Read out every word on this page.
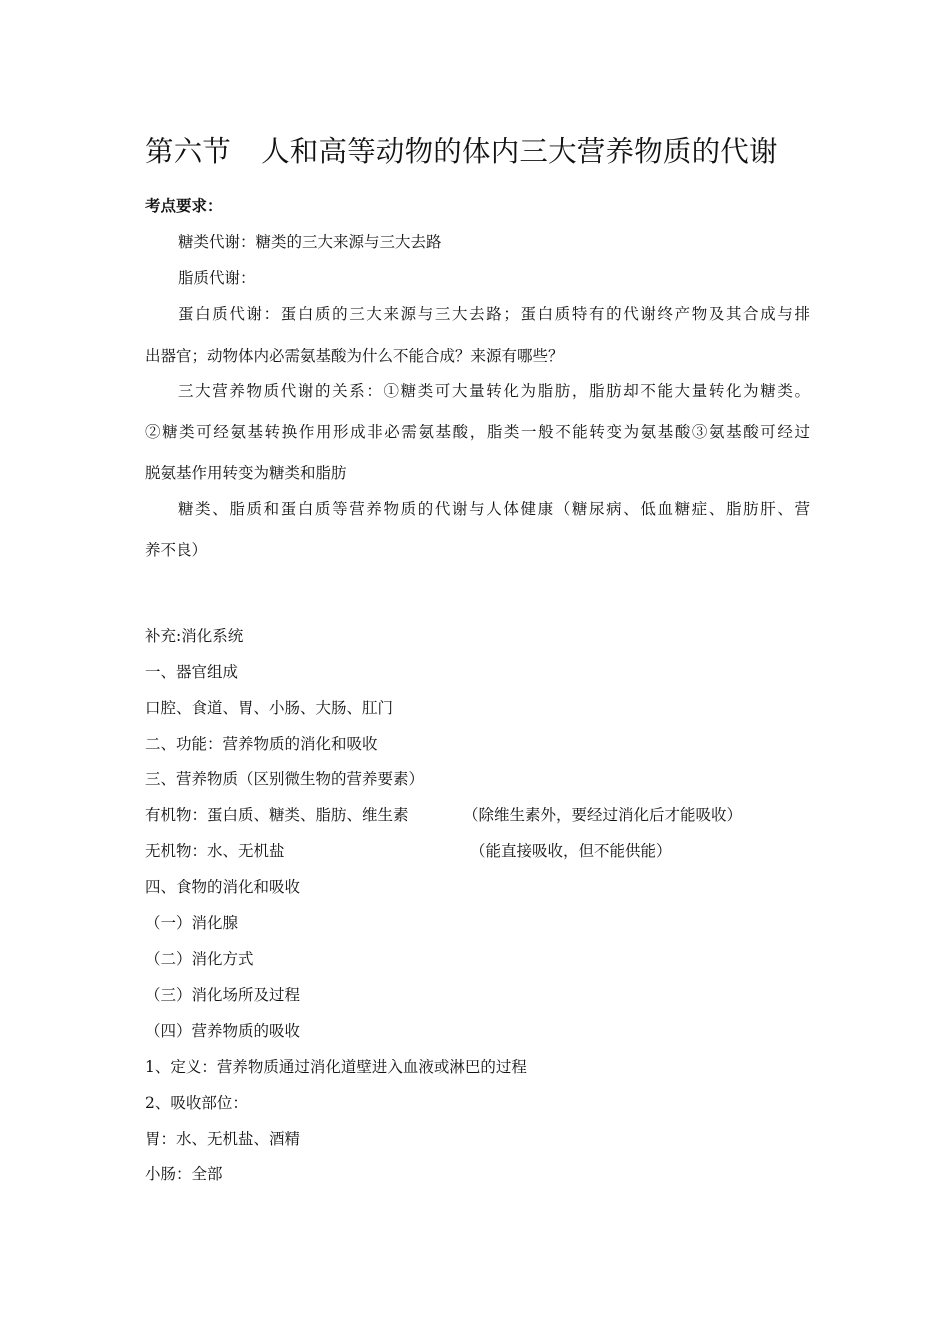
第六节 人和高等动物的体内三大营养物质的代谢
考点要求：
糖类代谢：糖类的三大来源与三大去路
脂质代谢：
蛋白质代谢：蛋白质的三大来源与三大去路；蛋白质特有的代谢终产物及其合成与排
出器官；动物体内必需氨基酸为什么不能合成？来源有哪些？
三大营养物质代谢的关系：①糖类可大量转化为脂肪，脂肪却不能大量转化为糖类。
②糖类可经氨基转换作用形成非必需氨基酸，脂类一般不能转变为氨基酸③氨基酸可经过
脱氨基作用转变为糖类和脂肪
糖类、脂质和蛋白质等营养物质的代谢与人体健康（糖尿病、低血糖症、脂肪肝、营
养不良）
补充:消化系统
一、器官组成
口腔、食道、胃、小肠、大肠、肛门
二、功能：营养物质的消化和吸收
三、营养物质（区别微生物的营养要素）
有机物：蛋白质、糖类、脂肪、维生素	（除维生素外，要经过消化后才能吸收）
无机物：水、无机盐	（能直接吸收，但不能供能）
四、食物的消化和吸收
（一）消化腺
（二）消化方式
（三）消化场所及过程
（四）营养物质的吸收
1、定义：营养物质通过消化道壁进入血液或淋巴的过程
2、吸收部位：
胃：水、无机盐、酒精
小肠：全部
